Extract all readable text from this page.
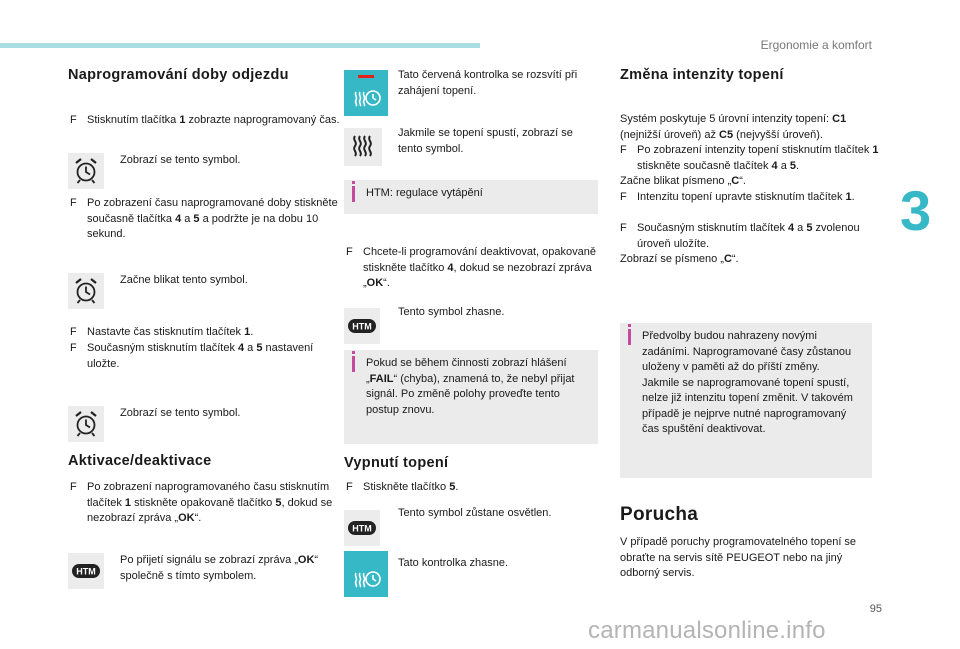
Ergonomie a komfort
3
95
carmanualsonline.info
Naprogramování doby odjezdu
F Stisknutím tlačítka 1 zobrazte naprogramovaný čas.
Zobrazí se tento symbol.
F Po zobrazení času naprogramované doby stiskněte současně tlačítka 4 a 5 a podržte je na dobu 10 sekund.
Začne blikat tento symbol.
F Nastavte čas stisknutím tlačítek 1.
F Současným stisknutím tlačítek 4 a 5 nastavení uložte.
Zobrazí se tento symbol.
Aktivace/deaktivace
F Po zobrazení naprogramovaného času stisknutím tlačítek 1 stiskněte opakovaně tlačítko 5, dokud se nezobrazí zpráva „OK“.
Po přijetí signálu se zobrazí zpráva „OK“ společně s tímto symbolem.
Tato červená kontrolka se rozsvítí při zahájení topení.
Jakmile se topení spustí, zobrazí se tento symbol.
HTM: regulace vytápění
F Chcete-li programování deaktivovat, opakovaně stiskněte tlačítko 4, dokud se nezobrazí zpráva „OK“.
Tento symbol zhasne.
Pokud se během činnosti zobrazí hlášení „FAIL“ (chyba), znamená to, že nebyl přijat signál. Po změně polohy proveďte tento postup znovu.
Vypnutí topení
F Stiskněte tlačítko 5.
Tento symbol zůstane osvětlen.
Tato kontrolka zhasne.
Změna intenzity topení
Systém poskytuje 5 úrovní intenzity topení: C1 (nejnižší úroveň) až C5 (nejvyšší úroveň).
F Po zobrazení intenzity topení stisknutím tlačítek 1 stiskněte současně tlačítek 4 a 5.
Začne blikat písmeno „C“.
F Intenzitu topení upravte stisknutím tlačítek 1.
F Současným stisknutím tlačítek 4 a 5 zvolenou úroveň uložíte.
Zobrazí se písmeno „C“.
Předvolby budou nahrazeny novými zadáními. Naprogramované časy zůstanou uloženy v paměti až do příští změny.
Jakmile se naprogramované topení spustí, nelze již intenzitu topení změnit. V takovém případě je nejprve nutné naprogramovaný čas spuštění deaktivovat.
Porucha
V případě poruchy programovatelného topení se obraťte na servis sítě PEUGEOT nebo na jiný odborný servis.
